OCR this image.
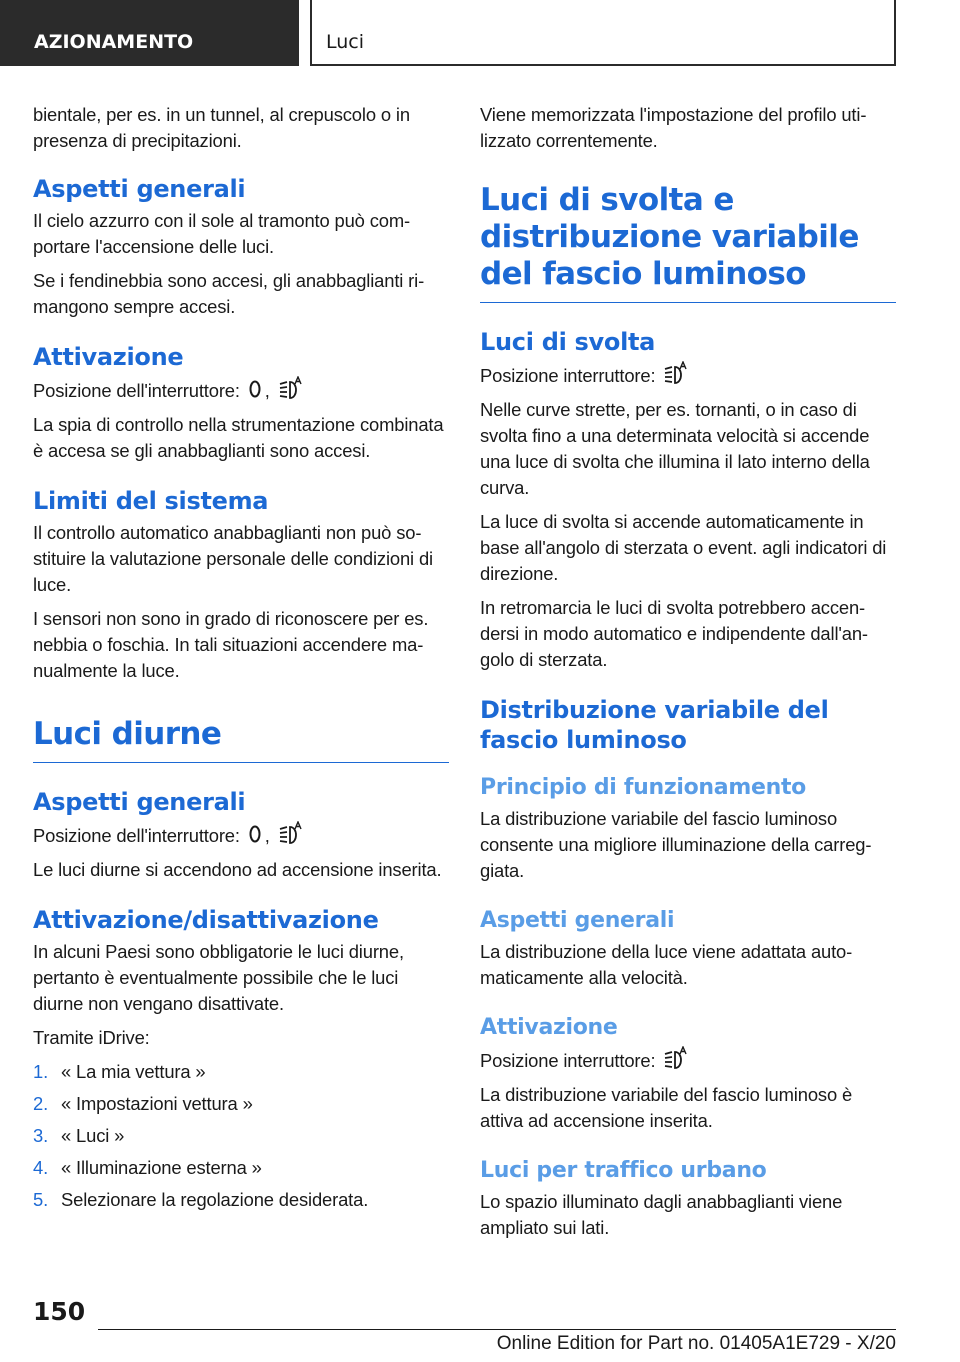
AZIONAMENTO	Luci

bientale, per es. in un tunnel, al crepuscolo o in presenza di precipitazioni.

Aspetti generali

Il cielo azzurro con il sole al tramonto può comportare l'accensione delle luci.

Se i fendinebbia sono accesi, gli anabbaglianti rimangono sempre accesi.

Attivazione

Posizione dell'interruttore: ,

La spia di controllo nella strumentazione combinata è accesa se gli anabbaglianti sono accesi.

Limiti del sistema

Il controllo automatico anabbaglianti non può sostituire la valutazione personale delle condizioni di luce.

I sensori non sono in grado di riconoscere per es. nebbia o foschia. In tali situazioni accendere manualmente la luce.

Luci diurne
Aspetti generali

Posizione dell'interruttore: ,

Le luci diurne si accendono ad accensione inserita.

Attivazione/disattivazione

In alcuni Paesi sono obbligatorie le luci diurne, pertanto è eventualmente possibile che le luci diurne non vengano disattivate.

Tramite iDrive:

1. « La mia vettura »
2. « Impostazioni vettura »
3. « Luci »
4. « Illuminazione esterna »
5. Selezionare la regolazione desiderata.

Viene memorizzata l'impostazione del profilo utilizzato correntemente.

Luci di svolta e distribuzione variabile del fascio luminoso
Luci di svolta

Posizione interruttore:

Nelle curve strette, per es. tornanti, o in caso di svolta fino a una determinata velocità si accende una luce di svolta che illumina il lato interno della curva.

La luce di svolta si accende automaticamente in base all'angolo di sterzata o event. agli indicatori di direzione.

In retromarcia le luci di svolta potrebbero accendersi in modo automatico e indipendente dall'angolo di sterzata.

Distribuzione variabile del fascio luminoso
Principio di funzionamento

La distribuzione variabile del fascio luminoso consente una migliore illuminazione della carreggiata.

Aspetti generali

La distribuzione della luce viene adattata automaticamente alla velocità.

Attivazione

Posizione interruttore:

La distribuzione variabile del fascio luminoso è attiva ad accensione inserita.

Luci per traffico urbano

Lo spazio illuminato dagli anabbaglianti viene ampliato sui lati.

150
Online Edition for Part no. 01405A1E729 - X/20
